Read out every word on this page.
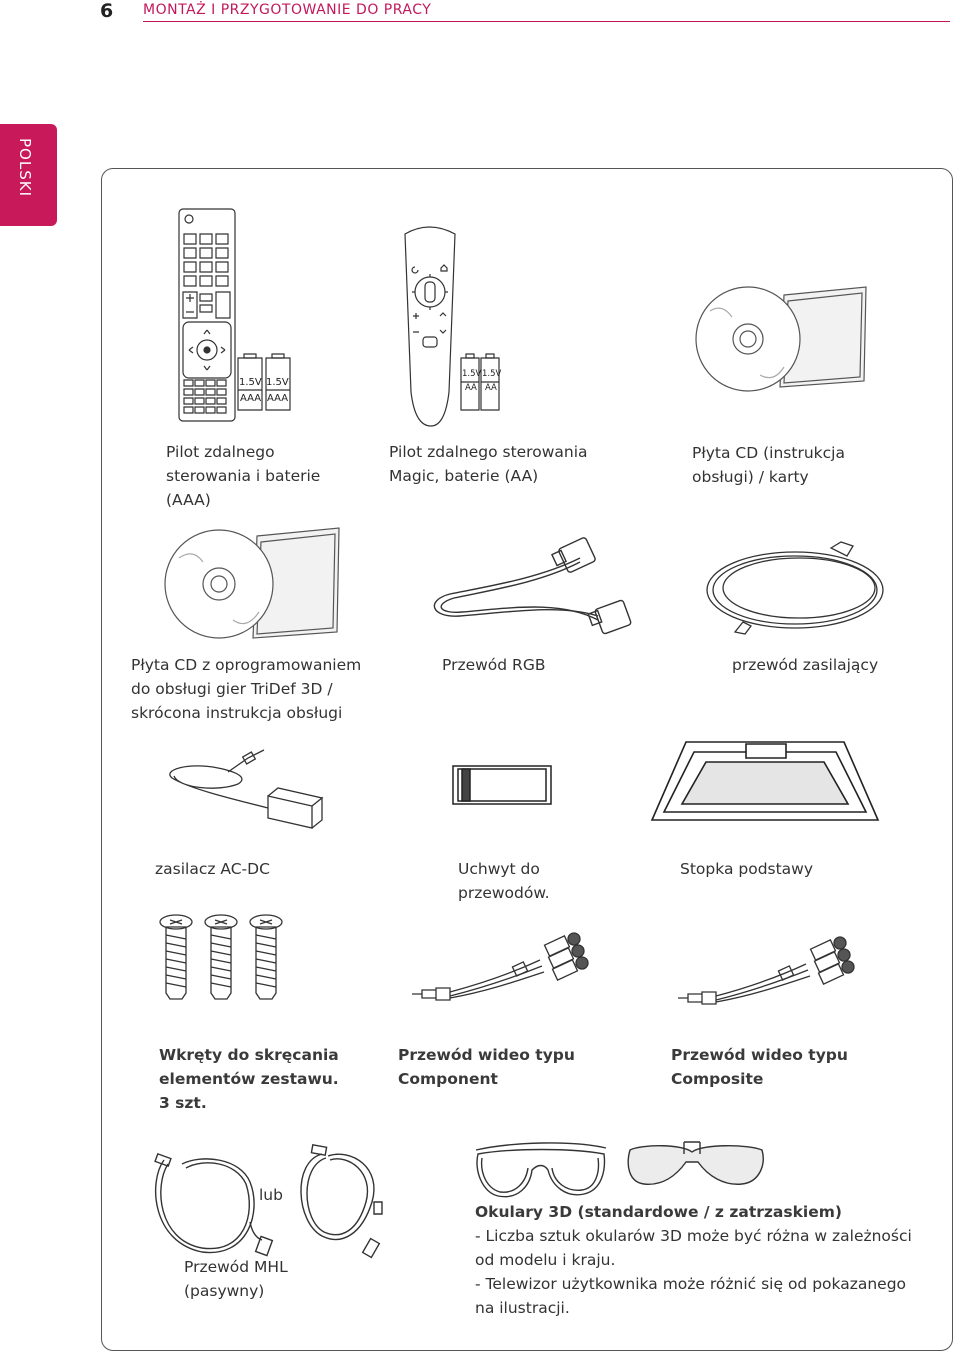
6 MONTAŻ I PRZYGOTOWANIE DO PRACY
POLSKI
1.5V 1.5V
AAA AAA
Pilot zdalnego
sterowania i baterie
(AAA)
1.5V 1.5V
AA AA
Pilot zdalnego sterowania
Magic, baterie (AA)
Płyta CD (instrukcja
obsługi) / karty
Płyta CD z oprogramowaniem
do obsługi gier TriDef 3D /
skrócona instrukcja obsługi
Przewód RGB	przewód zasilający
zasilacz AC-DC	Uchwyt do
przewodów.
Stopka podstawy
Wkręty do skręcania
elementów zestawu.
3 szt.
Przewód wideo typu
Component
Przewód wideo typu
Composite
lub
Przewód MHL
(pasywny)
Okulary 3D (standardowe / z zatrzaskiem)
- Liczba sztuk okularów 3D może być różna w zależności
od modelu i kraju.
- Telewizor użytkownika może różnić się od pokazanego
na ilustracji.
